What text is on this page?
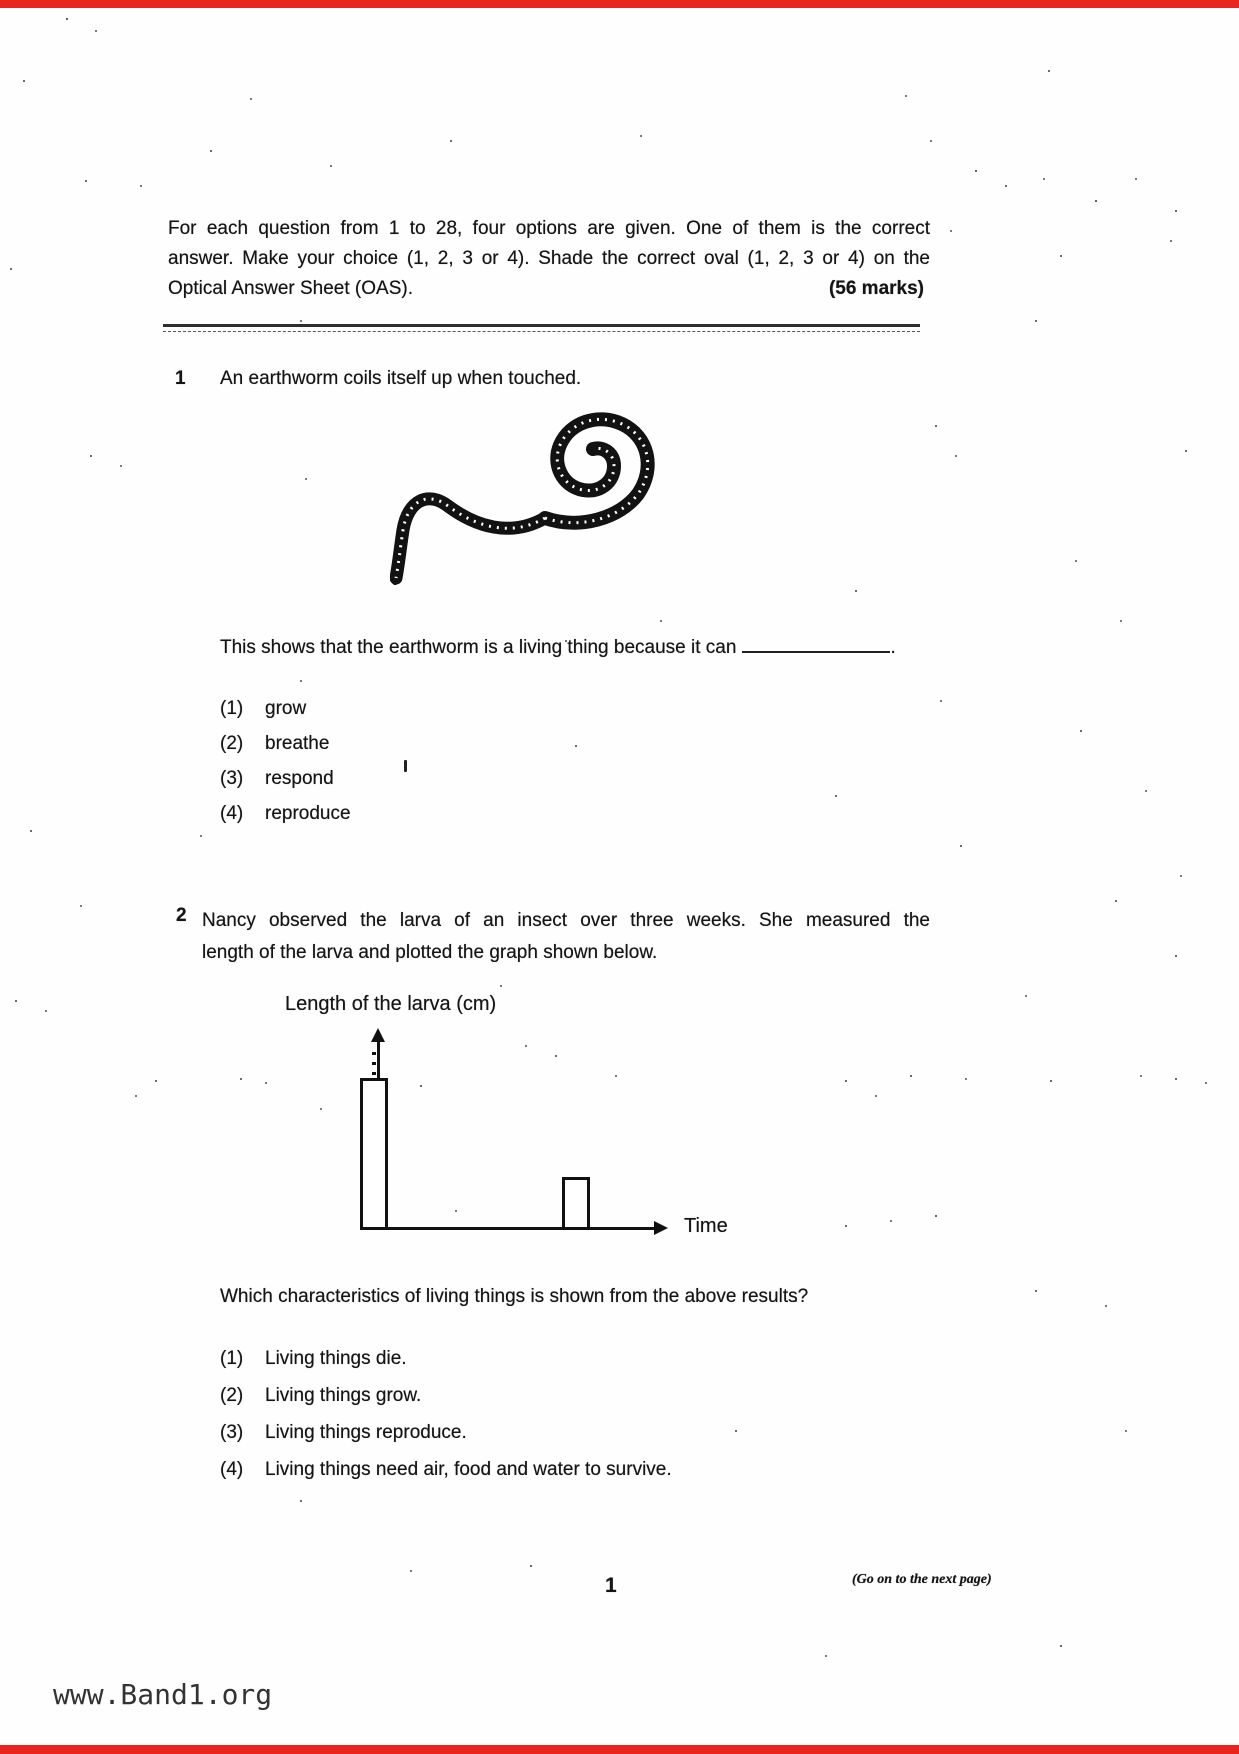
For each question from 1 to 28, four options are given. One of them is the correct
answer. Make your choice (1, 2, 3 or 4). Shade the correct oval (1, 2, 3 or 4) on the
Optical Answer Sheet (OAS).	(56 marks)
1 An earthworm coils itself up when touched.
This shows that the earthworm is a living thing because it can	.
(1)	grow
(2)	breathe
(3)	respond
(4)	reproduce
2 Nancy observed the larva of an insect over three weeks. She measured the
length of the larva and plotted the graph shown below.
Length of the larva (cm)
Time
Which characteristics of living things is shown from the above results?
(1)	Living things die.
(2)	Living things grow.
(3)	Living things reproduce.
(4)	Living things need air, food and water to survive.
1	(Go on to the next page)
www.Band1.org
